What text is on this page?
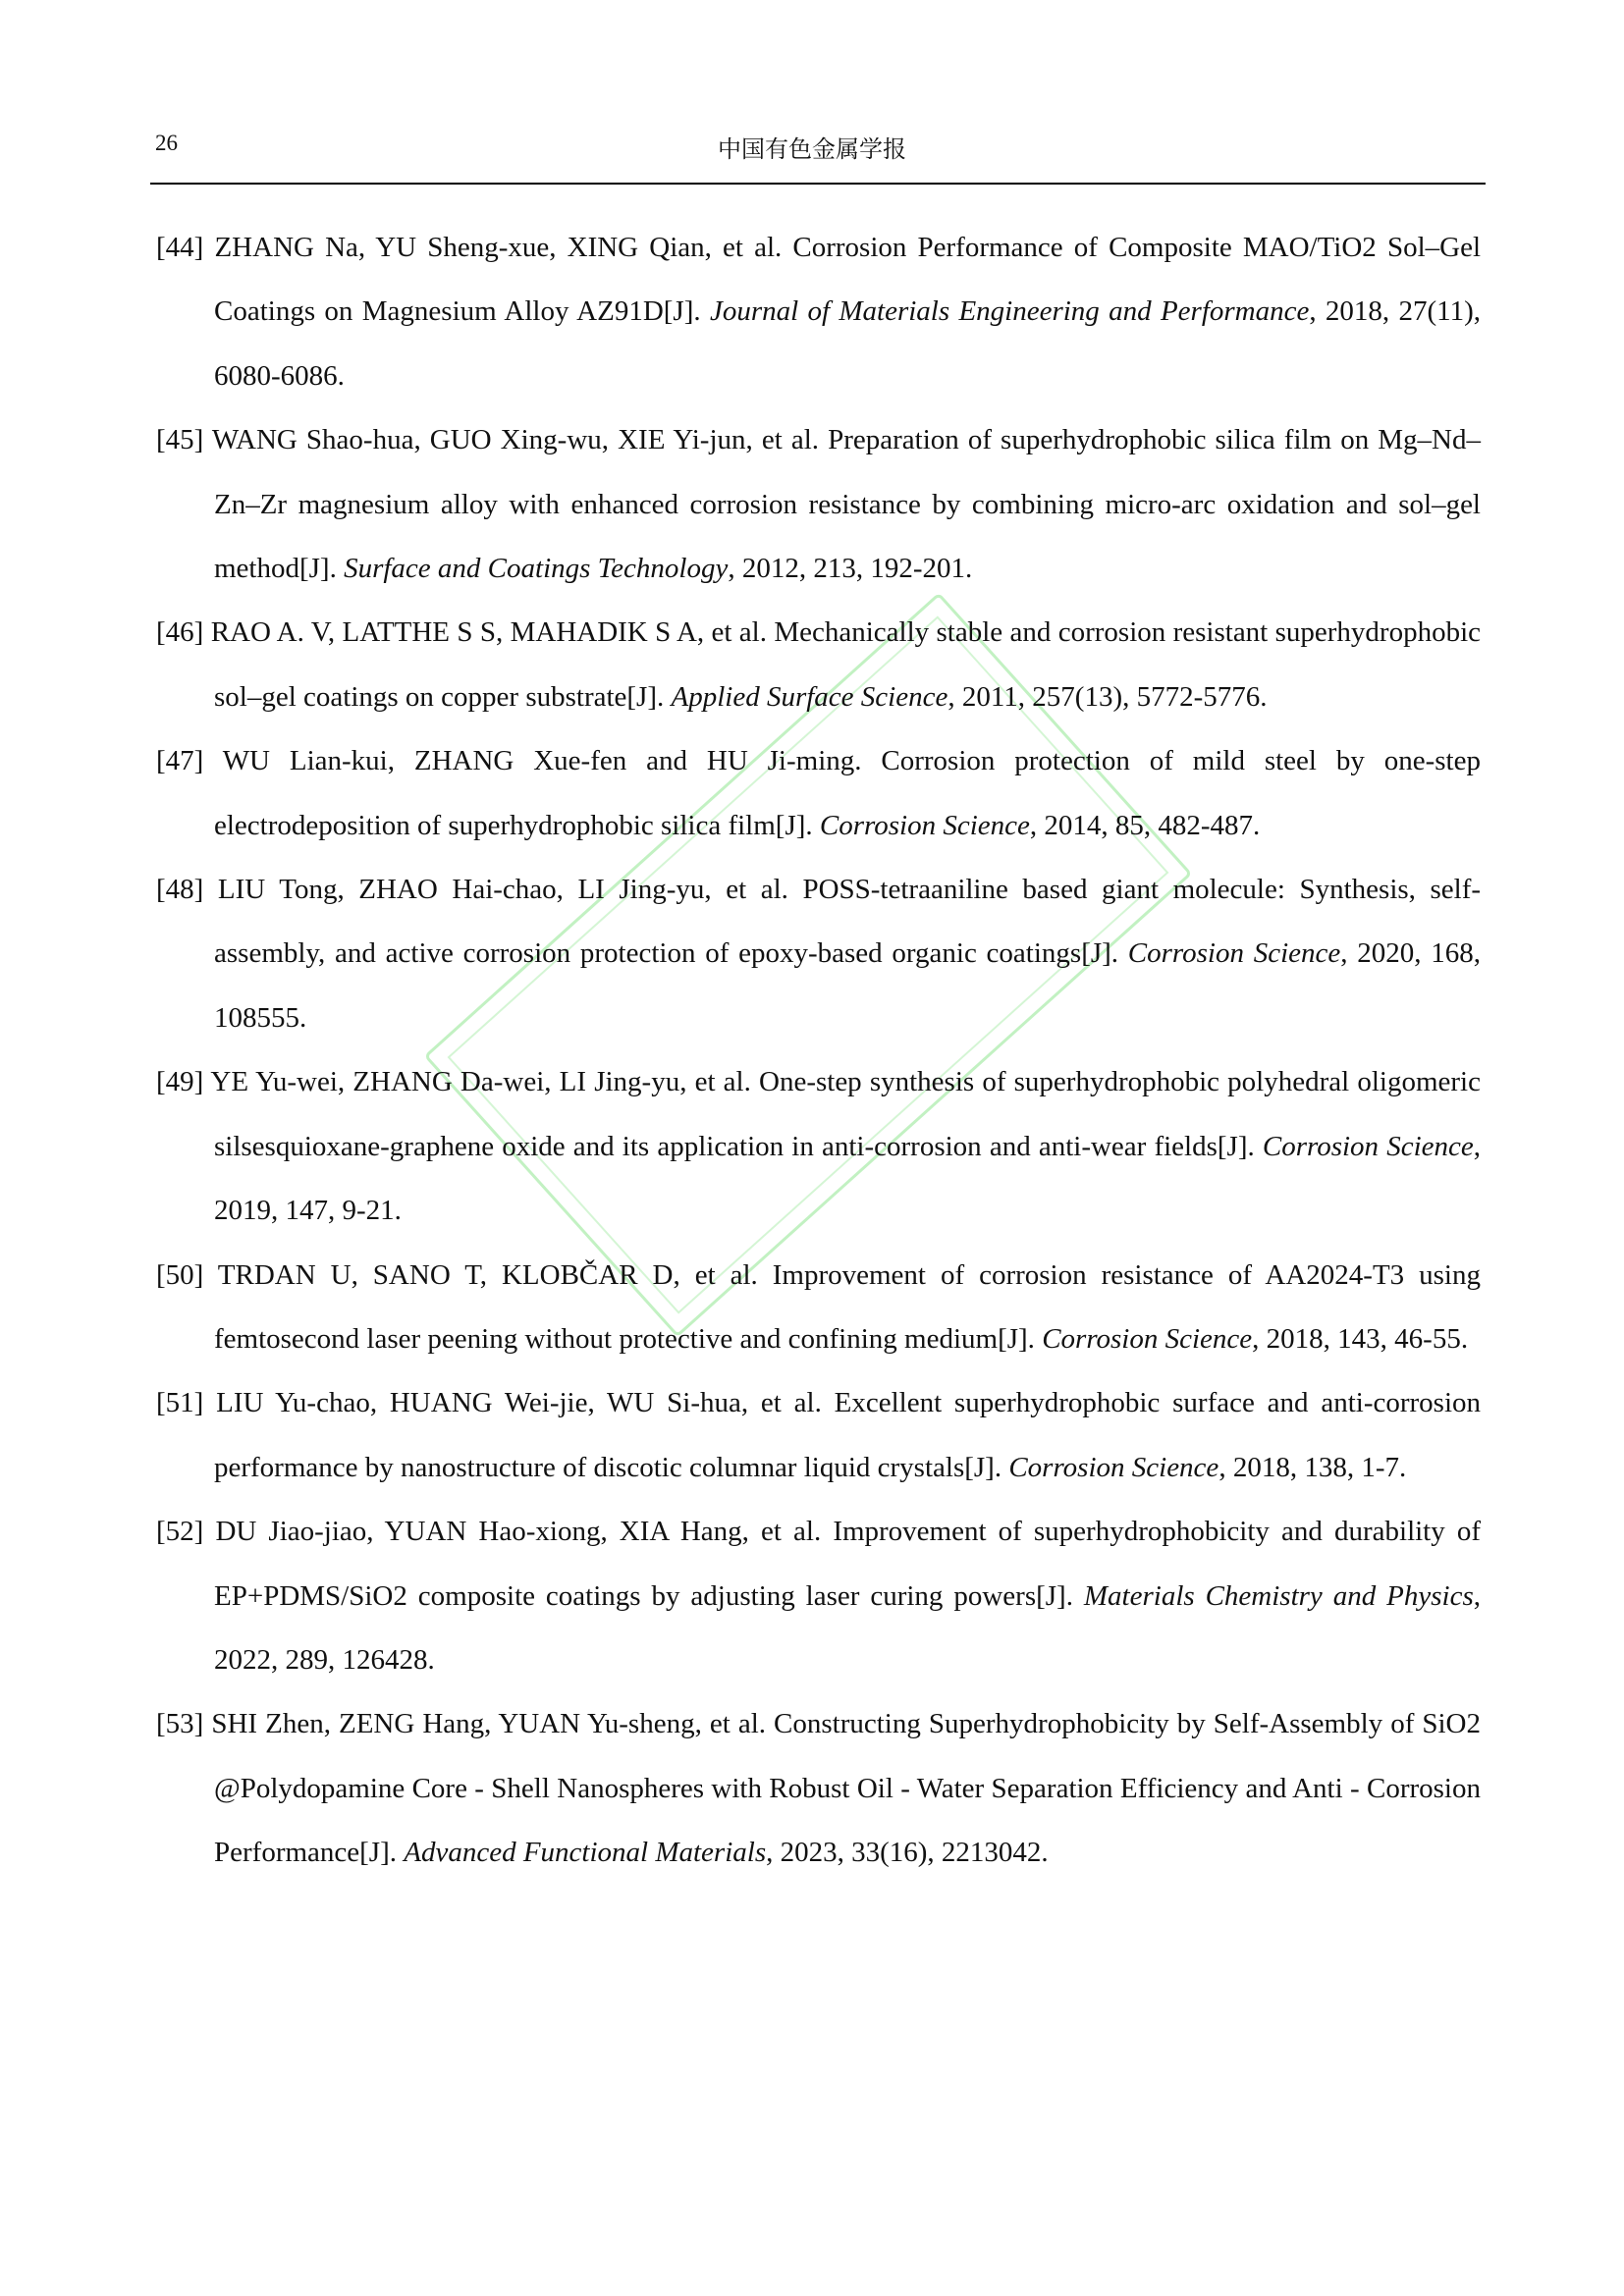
26	中国有色金属学报
[44] ZHANG Na, YU Sheng-xue, XING Qian, et al. Corrosion Performance of Composite MAO/TiO2 Sol–Gel Coatings on Magnesium Alloy AZ91D[J]. Journal of Materials Engineering and Performance, 2018, 27(11), 6080-6086.
[45] WANG Shao-hua, GUO Xing-wu, XIE Yi-jun, et al. Preparation of superhydrophobic silica film on Mg–Nd–Zn–Zr magnesium alloy with enhanced corrosion resistance by combining micro-arc oxidation and sol–gel method[J]. Surface and Coatings Technology, 2012, 213, 192-201.
[46] RAO A. V, LATTHE S S, MAHADIK S A, et al. Mechanically stable and corrosion resistant superhydrophobic sol–gel coatings on copper substrate[J]. Applied Surface Science, 2011, 257(13), 5772-5776.
[47] WU Lian-kui, ZHANG Xue-fen and HU Ji-ming. Corrosion protection of mild steel by one-step electrodeposition of superhydrophobic silica film[J]. Corrosion Science, 2014, 85, 482-487.
[48] LIU Tong, ZHAO Hai-chao, LI Jing-yu, et al. POSS-tetraaniline based giant molecule: Synthesis, self-assembly, and active corrosion protection of epoxy-based organic coatings[J]. Corrosion Science, 2020, 168, 108555.
[49] YE Yu-wei, ZHANG Da-wei, LI Jing-yu, et al. One-step synthesis of superhydrophobic polyhedral oligomeric silsesquioxane-graphene oxide and its application in anti-corrosion and anti-wear fields[J]. Corrosion Science, 2019, 147, 9-21.
[50] TRDAN U, SANO T, KLOBČAR D, et al. Improvement of corrosion resistance of AA2024-T3 using femtosecond laser peening without protective and confining medium[J]. Corrosion Science, 2018, 143, 46-55.
[51] LIU Yu-chao, HUANG Wei-jie, WU Si-hua, et al. Excellent superhydrophobic surface and anti-corrosion performance by nanostructure of discotic columnar liquid crystals[J]. Corrosion Science, 2018, 138, 1-7.
[52] DU Jiao-jiao, YUAN Hao-xiong, XIA Hang, et al. Improvement of superhydrophobicity and durability of EP+PDMS/SiO2 composite coatings by adjusting laser curing powers[J]. Materials Chemistry and Physics, 2022, 289, 126428.
[53] SHI Zhen, ZENG Hang, YUAN Yu-sheng, et al. Constructing Superhydrophobicity by Self-Assembly of SiO2 @Polydopamine Core - Shell Nanospheres with Robust Oil - Water Separation Efficiency and Anti - Corrosion Performance[J]. Advanced Functional Materials, 2023, 33(16), 2213042.
